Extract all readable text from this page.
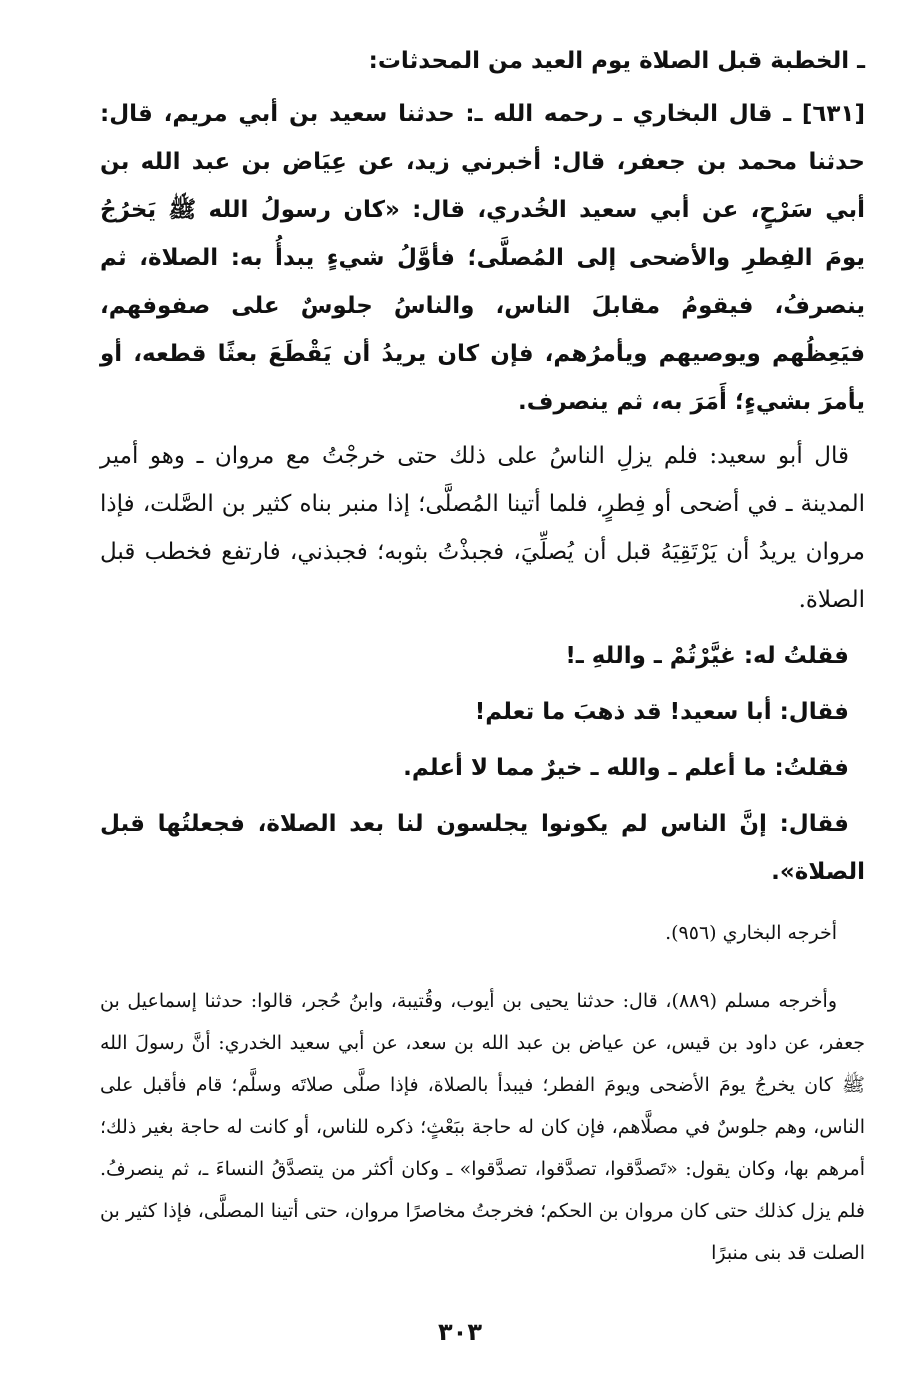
ـ الخطبة قبل الصلاة يوم العيد من المحدثات:

[٦٣١] ـ قال البخاري ـ رحمه الله ـ: حدثنا سعيد بن أبي مريم، قال: حدثنا محمد بن جعفر، قال: أخبرني زيد، عن عِيَاض بن عبد الله بن أبي سَرْحٍ، عن أبي سعيد الخُدري، قال: «كان رسولُ الله ﷺ يَخرُجُ يومَ الفِطرِ والأضحى إلى المُصلَّى؛ فأوَّلُ شيءٍ يبدأُ به: الصلاة، ثم ينصرفُ، فيقومُ مقابلَ الناس، والناسُ جلوسٌ على صفوفهم، فيَعِظُهم ويوصيهم ويأمرُهم، فإن كان يريدُ أن يَقْطَعَ بعثًا قطعه، أو يأمرَ بشيءٍ؛ أَمَرَ به، ثم ينصرف.

قال أبو سعيد: فلم يزلِ الناسُ على ذلك حتى خرجْتُ مع مروان ـ وهو أمير المدينة ـ في أضحى أو فِطرٍ، فلما أتينا المُصلَّى؛ إذا منبر بناه كثير بن الصَّلت، فإذا مروان يريدُ أن يَرْتَقِيَهُ قبل أن يُصلِّيَ، فجبذْتُ بثوبه؛ فجبذني، فارتفع فخطب قبل الصلاة.

فقلتُ له: غيَّرْتُمْ ـ واللهِ ـ!

فقال: أبا سعيد! قد ذهبَ ما تعلم!

فقلتُ: ما أعلم ـ والله ـ خيرٌ مما لا أعلم.

فقال: إنَّ الناس لم يكونوا يجلسون لنا بعد الصلاة، فجعلتُها قبل الصلاة».

أخرجه البخاري (٩٥٦).

وأخرجه مسلم (٨٨٩)، قال: حدثنا يحيى بن أيوب، وقُتيبة، وابنُ حُجر، قالوا: حدثنا إسماعيل بن جعفر، عن داود بن قيس، عن عياض بن عبد الله بن سعد، عن أبي سعيد الخدري: أنَّ رسولَ الله ﷺ كان يخرجُ يومَ الأضحى ويومَ الفطر؛ فيبدأ بالصلاة، فإذا صلَّى صلاتَه وسلَّم؛ قام فأقبل على الناس، وهم جلوسٌ في مصلَّاهم، فإن كان له حاجة ببَعْثٍ؛ ذكره للناس، أو كانت له حاجة بغير ذلك؛ أمرهم بها، وكان يقول: «تَصدَّقوا، تصدَّقوا، تصدَّقوا» ـ وكان أكثر من يتصدَّقُ النساءَ ـ، ثم ينصرفُ. فلم يزل كذلك حتى كان مروان بن الحكم؛ فخرجتُ مخاصرًا مروان، حتى أتينا المصلَّى، فإذا كثير بن الصلت قد بنى منبرًا

٣٠٣
